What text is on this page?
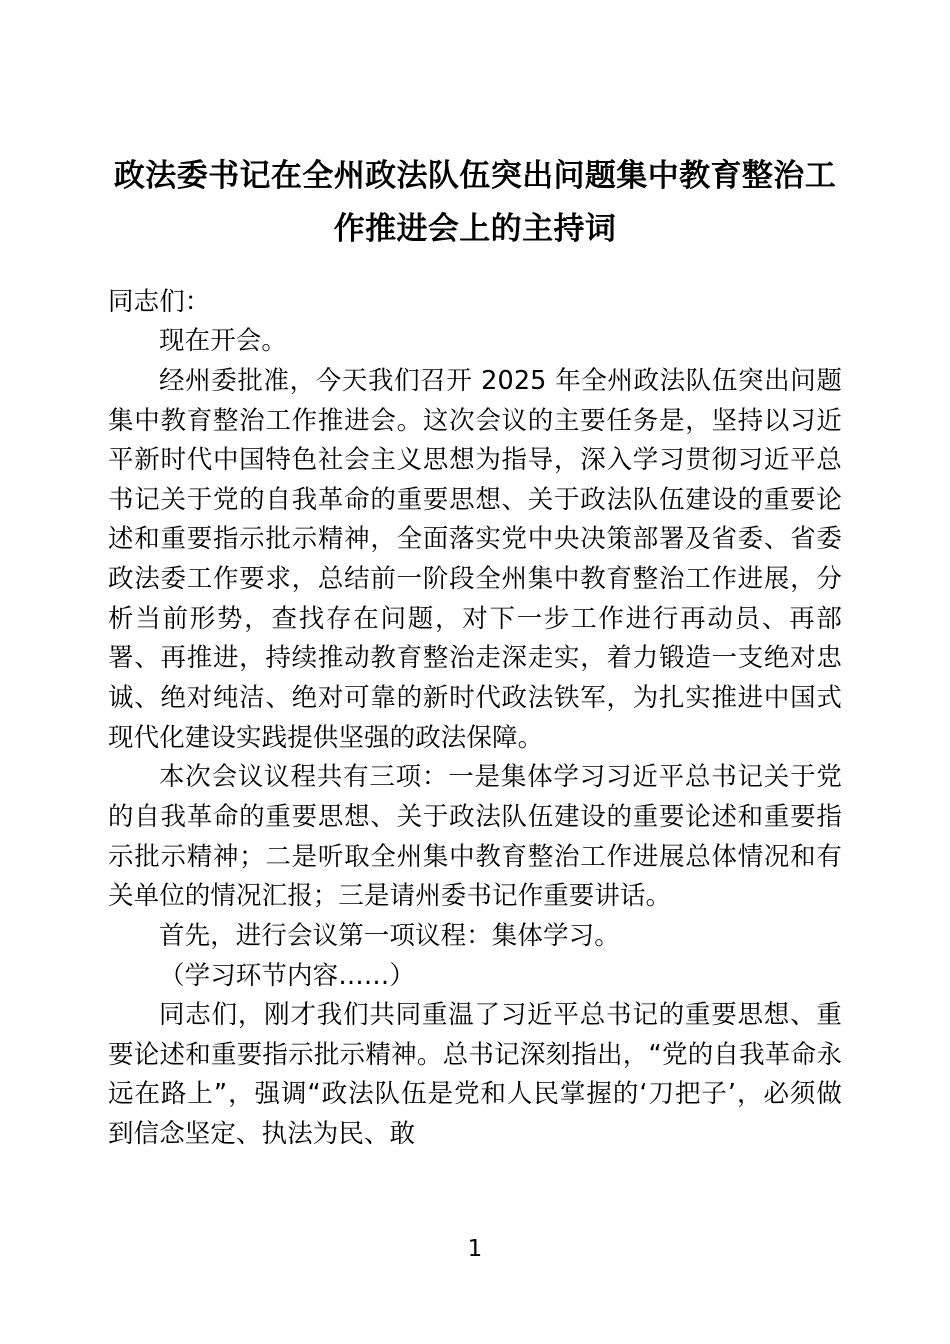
政法委书记在全州政法队伍突出问题集中教育整治工作推进会上的主持词

同志们：

现在开会。

经州委批准，今天我们召开 2025 年全州政法队伍突出问题集中教育整治工作推进会。这次会议的主要任务是，坚持以习近平新时代中国特色社会主义思想为指导，深入学习贯彻习近平总书记关于党的自我革命的重要思想、关于政法队伍建设的重要论述和重要指示批示精神，全面落实党中央决策部署及省委、省委政法委工作要求，总结前一阶段全州集中教育整治工作进展，分析当前形势，查找存在问题，对下一步工作进行再动员、再部署、再推进，持续推动教育整治走深走实，着力锻造一支绝对忠诚、绝对纯洁、绝对可靠的新时代政法铁军，为扎实推进中国式现代化建设实践提供坚强的政法保障。

本次会议议程共有三项：一是集体学习习近平总书记关于党的自我革命的重要思想、关于政法队伍建设的重要论述和重要指示批示精神；二是听取全州集中教育整治工作进展总体情况和有关单位的情况汇报；三是请州委书记作重要讲话。

首先，进行会议第一项议程：集体学习。

（学习环节内容……）

同志们，刚才我们共同重温了习近平总书记的重要思想、重要论述和重要指示批示精神。总书记深刻指出，“党的自我革命永远在路上”，强调“政法队伍是党和人民掌握的‘刀把子’，必须做到信念坚定、执法为民、敢

1
